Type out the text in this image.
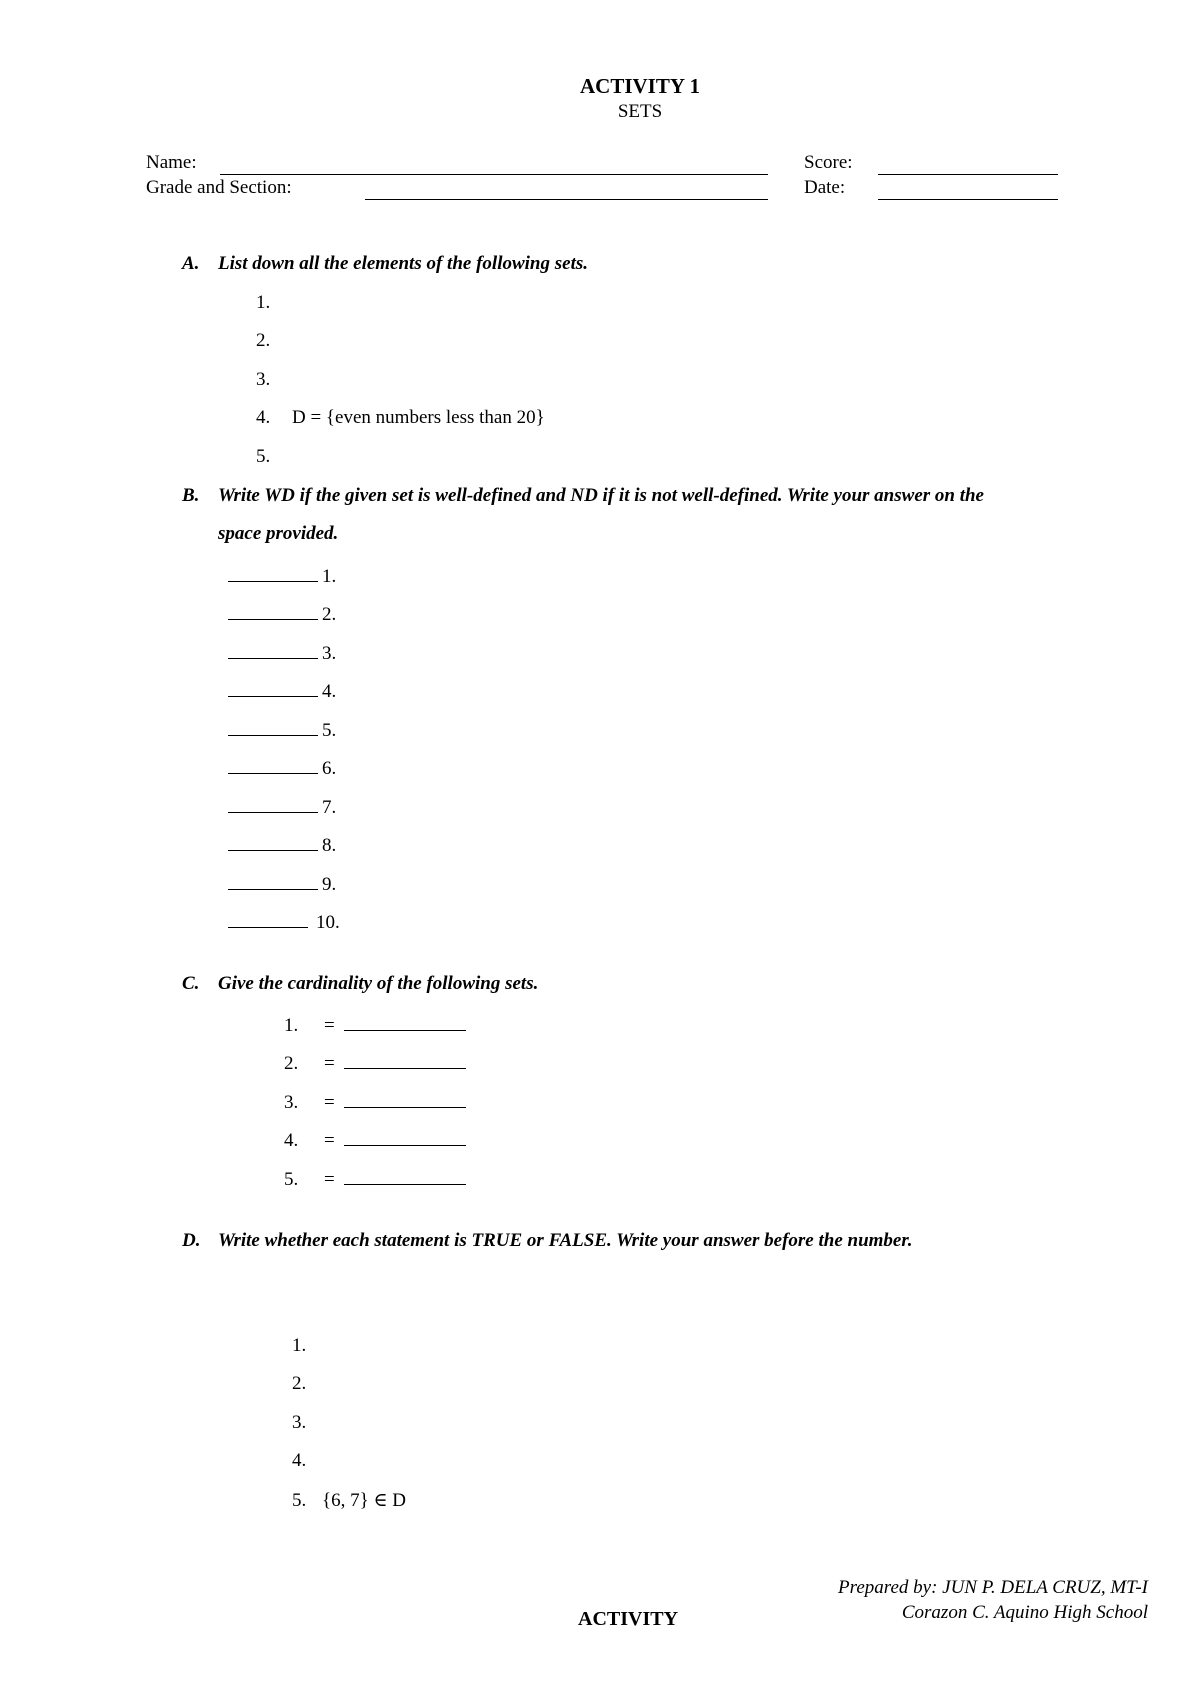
ACTIVITY 1
SETS
Name:
Grade and Section:
Score:
Date:
A. List down all the elements of the following sets.
1.
2.
3.
4. D = {even numbers less than 20}
5.
B. Write WD if the given set is well-defined and ND if it is not well-defined. Write your answer on the
space provided.
1.
2.
3.
4.
5.
6.
7.
8.
9.
10.
C. Give the cardinality of the following sets.
1. =
2. =
3. =
4. =
5. =
D. Write whether each statement is TRUE or FALSE. Write your answer before the number.
1.
2.
3.
4.
5. {6, 7} ∈ D
Prepared by: JUN P. DELA CRUZ, MT-I
Corazon C. Aquino High School
ACTIVITY
